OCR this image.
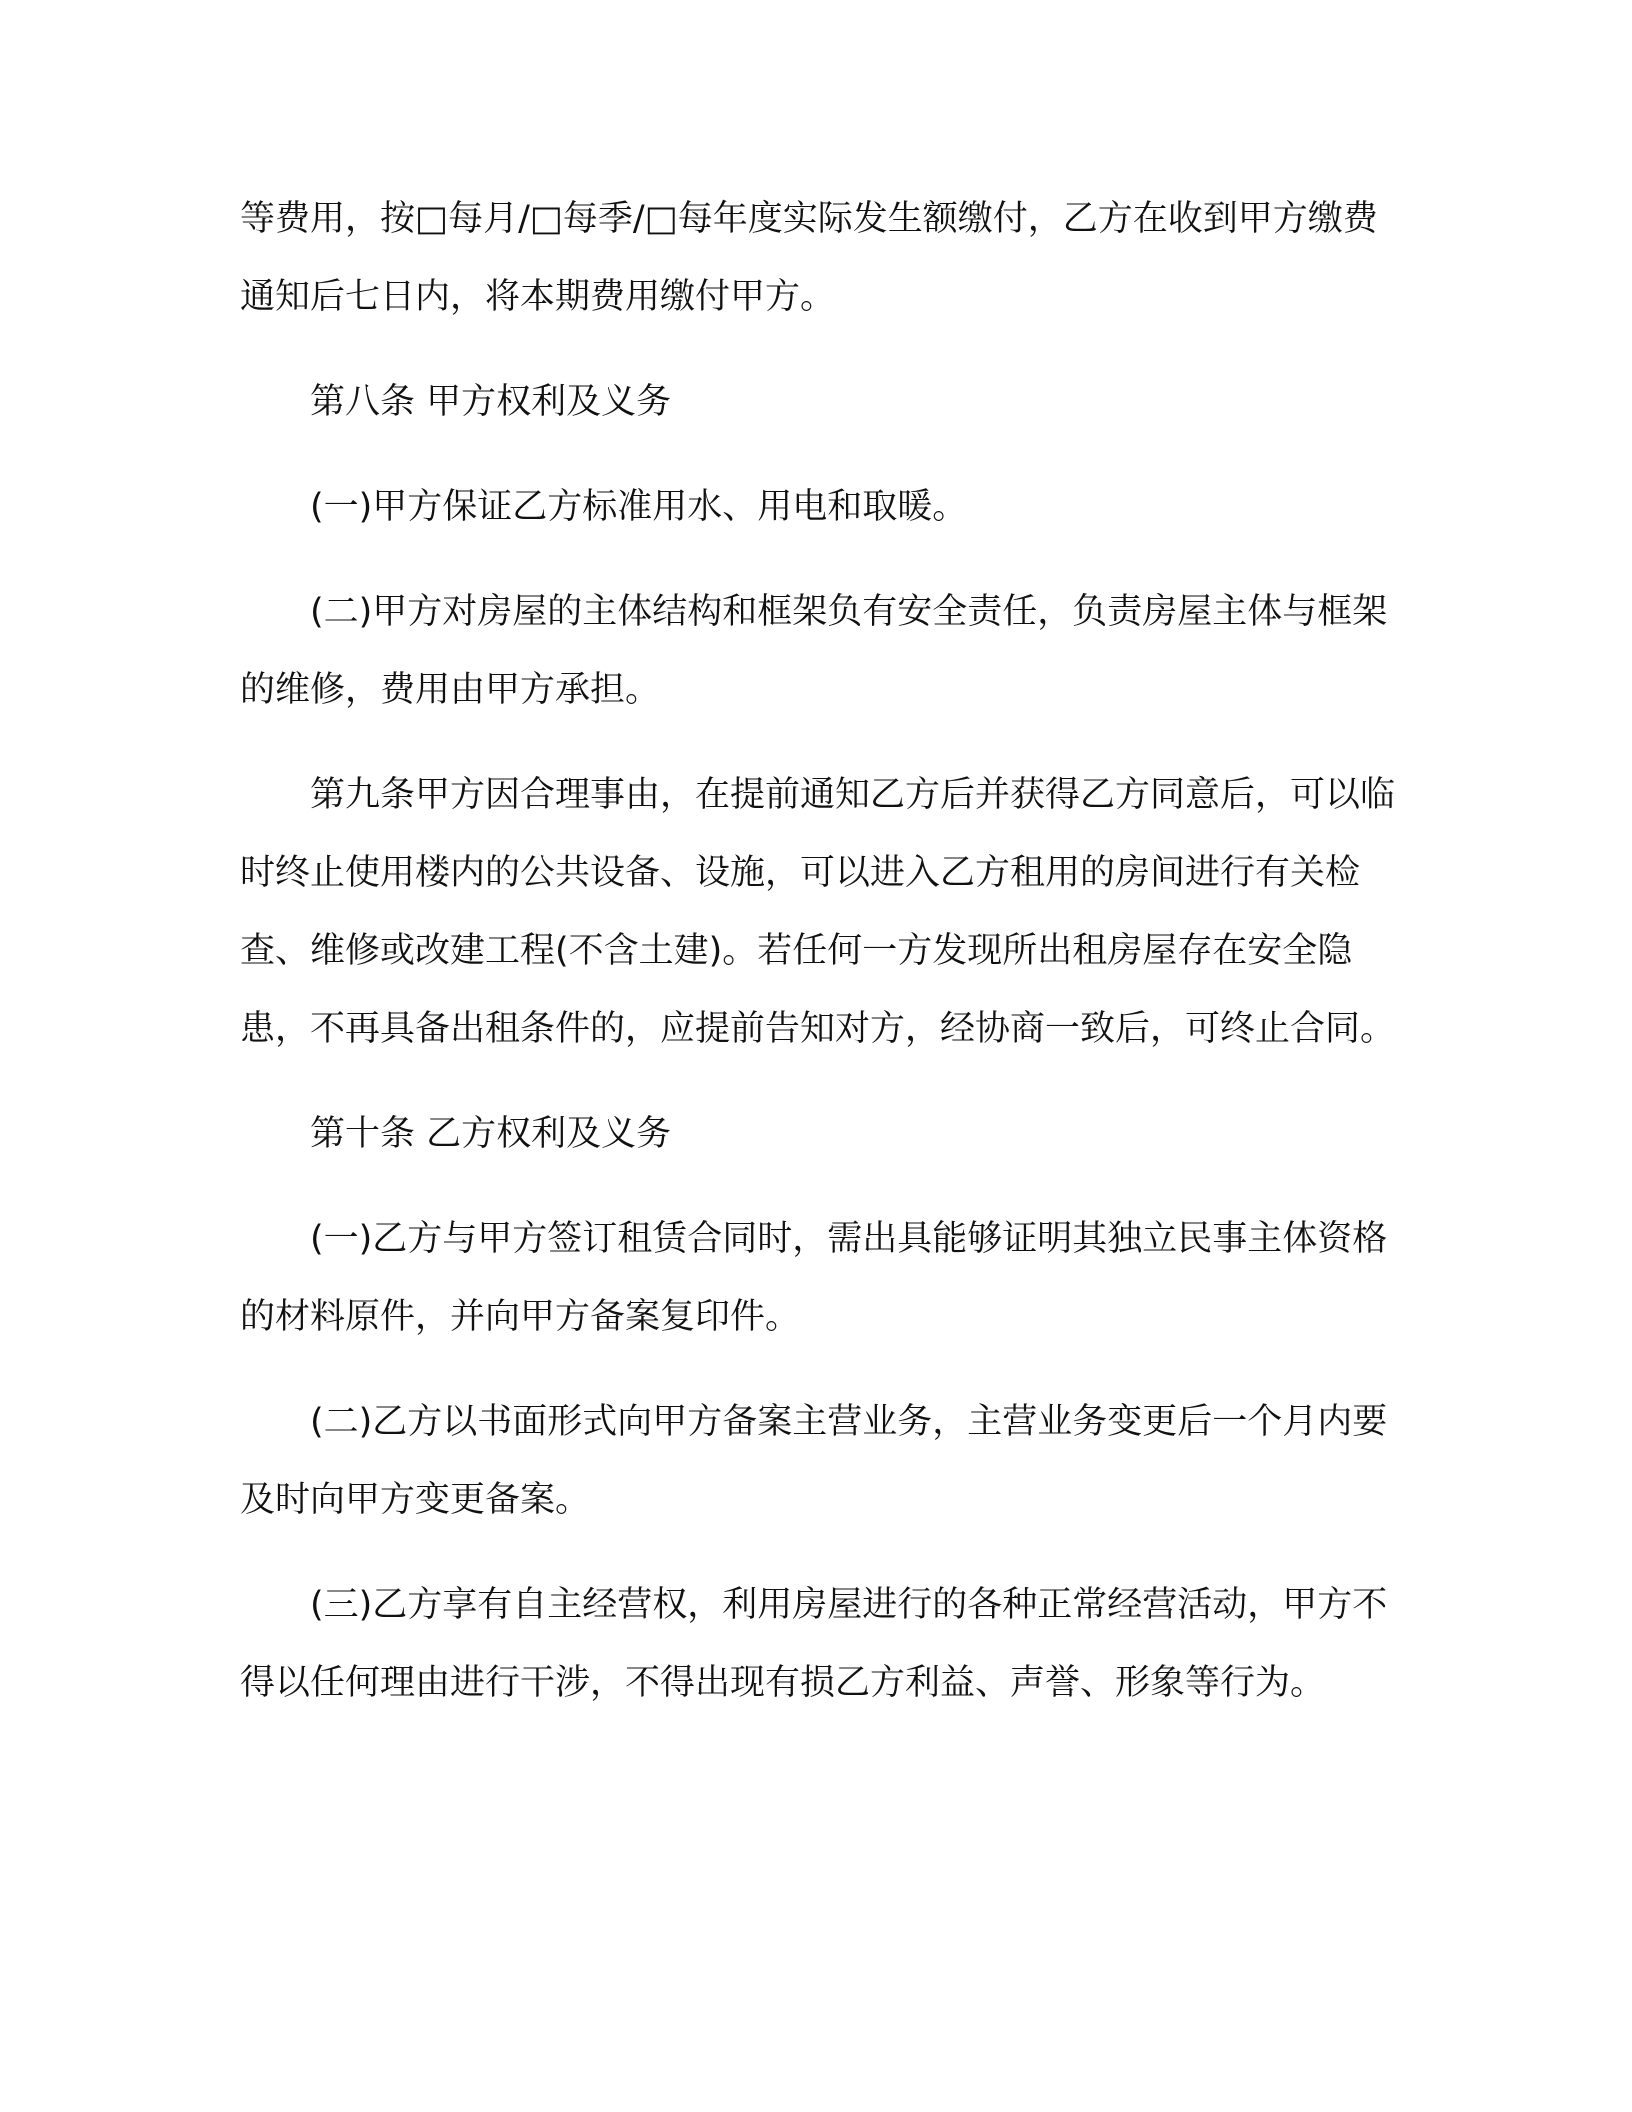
等费用，按□每月/□每季/□每年度实际发生额缴付，乙方在收到甲方缴费通知后七日内，将本期费用缴付甲方。

第八条 甲方权利及义务

(一)甲方保证乙方标准用水、用电和取暖。

(二)甲方对房屋的主体结构和框架负有安全责任，负责房屋主体与框架的维修，费用由甲方承担。

第九条甲方因合理事由，在提前通知乙方后并获得乙方同意后，可以临时终止使用楼内的公共设备、设施，可以进入乙方租用的房间进行有关检查、维修或改建工程(不含土建)。若任何一方发现所出租房屋存在安全隐患，不再具备出租条件的，应提前告知对方，经协商一致后，可终止合同。

第十条 乙方权利及义务

(一)乙方与甲方签订租赁合同时，需出具能够证明其独立民事主体资格的材料原件，并向甲方备案复印件。

(二)乙方以书面形式向甲方备案主营业务，主营业务变更后一个月内要及时向甲方变更备案。

(三)乙方享有自主经营权，利用房屋进行的各种正常经营活动，甲方不得以任何理由进行干涉，不得出现有损乙方利益、声誉、形象等行为。
